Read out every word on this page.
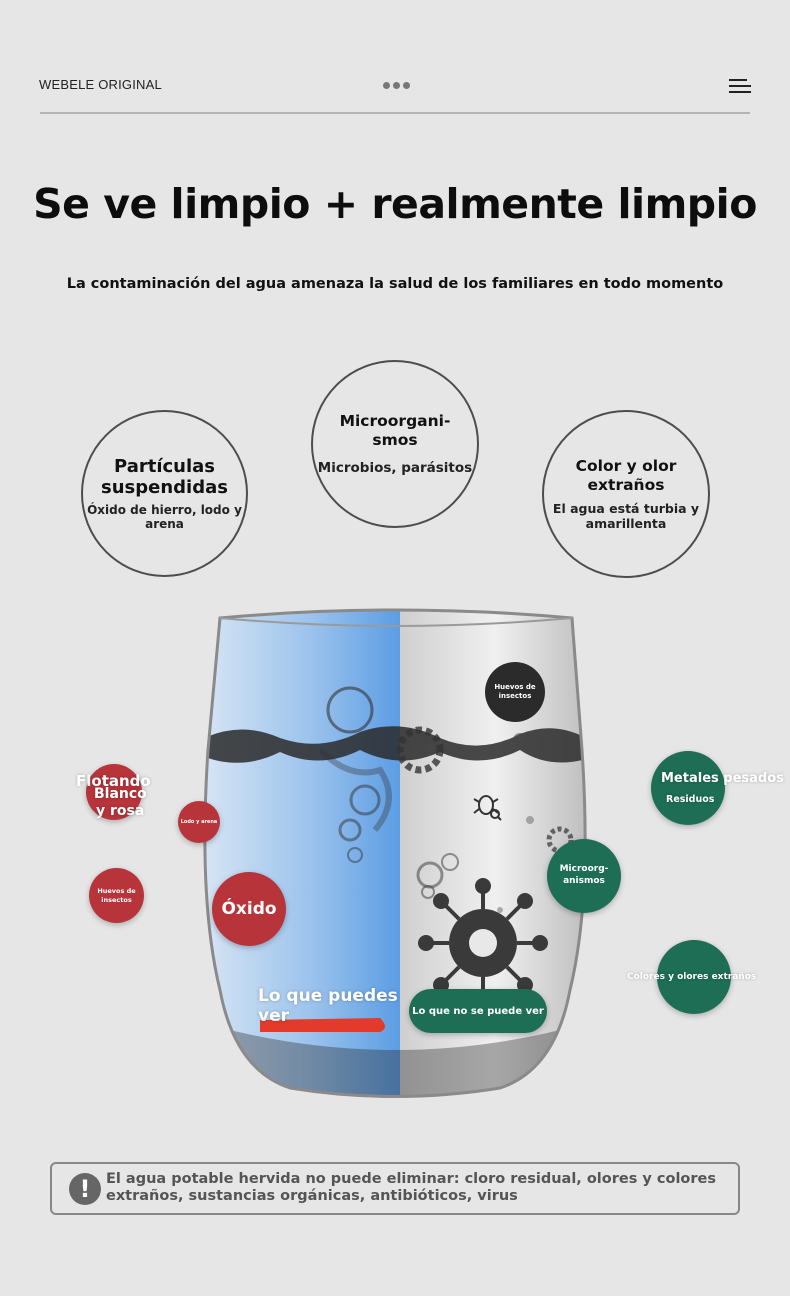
WEBELE ORIGINAL
Se ve limpio + realmente limpio
La contaminación del agua amenaza la salud de los familiares en todo momento
Partículas
suspendidas
Óxido de hierro, lodo y
arena
Microorgani-
smos
Microbios, parásitos	Color y olor
extraños
El agua está turbia y
amarillenta
Flotando
Blanco
y rosa
Lodo y arena
Huevos de
insectos	Óxido
Lo que puedes
ver
Huevos de
insectos
Metales pesados
Residuos
Microorg-
anismos
Colores y olores extraños
Lo que no se puede ver
!	El agua potable hervida no puede eliminar: cloro residual, olores y colores
extraños, sustancias orgánicas, antibióticos, virus
